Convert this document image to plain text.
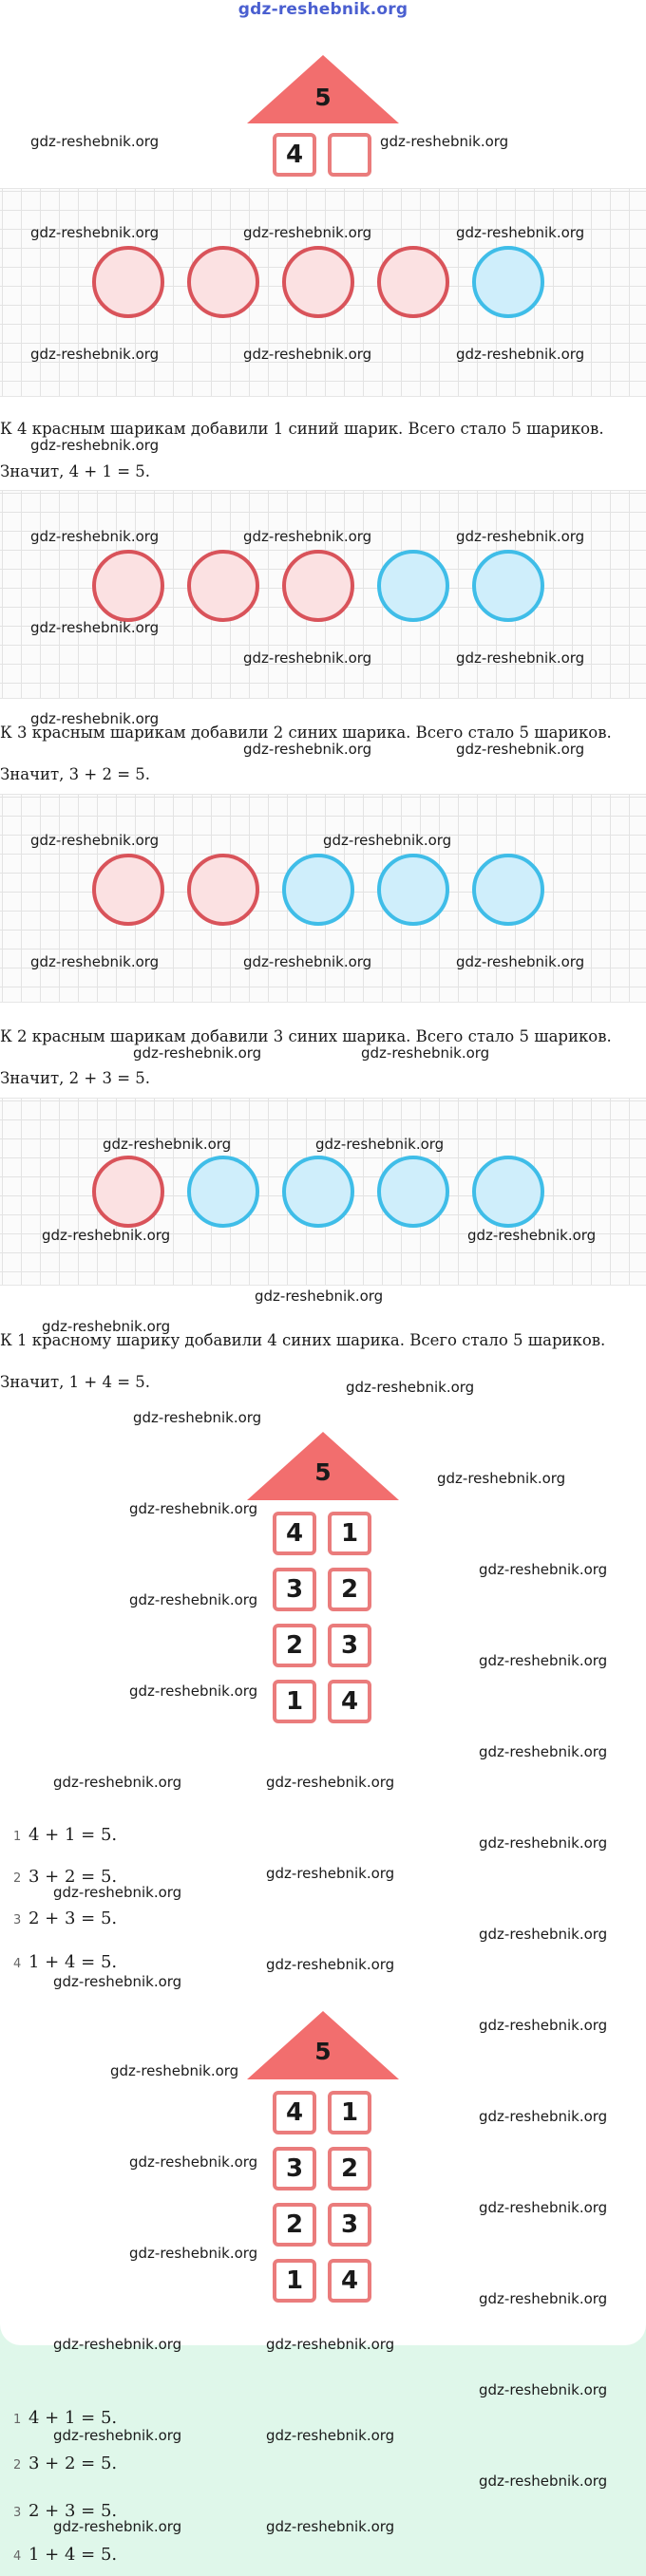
gdz-reshebnik.org
5
4
К 4 красным шарикам добавили 1 синий шарик. Всего стало 5 шариков.
Значит, 4 + 1 = 5.
К 3 красным шарикам добавили 2 синих шарика. Всего стало 5 шариков.
Значит, 3 + 2 = 5.
К 2 красным шарикам добавили 3 синих шарика. Всего стало 5 шариков.
Значит, 2 + 3 = 5.
К 1 красному шарику добавили 4 синих шарика. Всего стало 5 шариков.
Значит, 1 + 4 = 5.
5
4	1
3	2
2	3
1	4
1 4 + 1 = 5.
2 3 + 2 = 5.
3 2 + 3 = 5.
4 1 + 4 = 5.
5
4	1
3	2
2	3
1	4
1 4 + 1 = 5.
2 3 + 2 = 5.
3 2 + 3 = 5.
4 1 + 4 = 5.
gdz-reshebnik.org	gdz-reshebnik.org
gdz-reshebnik.org	gdz-reshebnik.org	gdz-reshebnik.org
gdz-reshebnik.org	gdz-reshebnik.org	gdz-reshebnik.org
gdz-reshebnik.org
gdz-reshebnik.org	gdz-reshebnik.org	gdz-reshebnik.org
gdz-reshebnik.org
gdz-reshebnik.org	gdz-reshebnik.org
gdz-reshebnik.org
gdz-reshebnik.org	gdz-reshebnik.org
gdz-reshebnik.org	gdz-reshebnik.org
gdz-reshebnik.org	gdz-reshebnik.org	gdz-reshebnik.org
gdz-reshebnik.org	gdz-reshebnik.org
gdz-reshebnik.org	gdz-reshebnik.org
gdz-reshebnik.org	gdz-reshebnik.org
gdz-reshebnik.org
gdz-reshebnik.org
gdz-reshebnik.org
gdz-reshebnik.org
gdz-reshebnik.org
gdz-reshebnik.org
gdz-reshebnik.org
gdz-reshebnik.org
gdz-reshebnik.org
gdz-reshebnik.org
gdz-reshebnik.org
gdz-reshebnik.org	gdz-reshebnik.org
gdz-reshebnik.org
gdz-reshebnik.org
gdz-reshebnik.org
gdz-reshebnik.org
gdz-reshebnik.org
gdz-reshebnik.org
gdz-reshebnik.org
gdz-reshebnik.org
gdz-reshebnik.org
gdz-reshebnik.org
gdz-reshebnik.org
gdz-reshebnik.org
gdz-reshebnik.org
gdz-reshebnik.org	gdz-reshebnik.org
gdz-reshebnik.org
gdz-reshebnik.org	gdz-reshebnik.org
gdz-reshebnik.org
gdz-reshebnik.org	gdz-reshebnik.org
